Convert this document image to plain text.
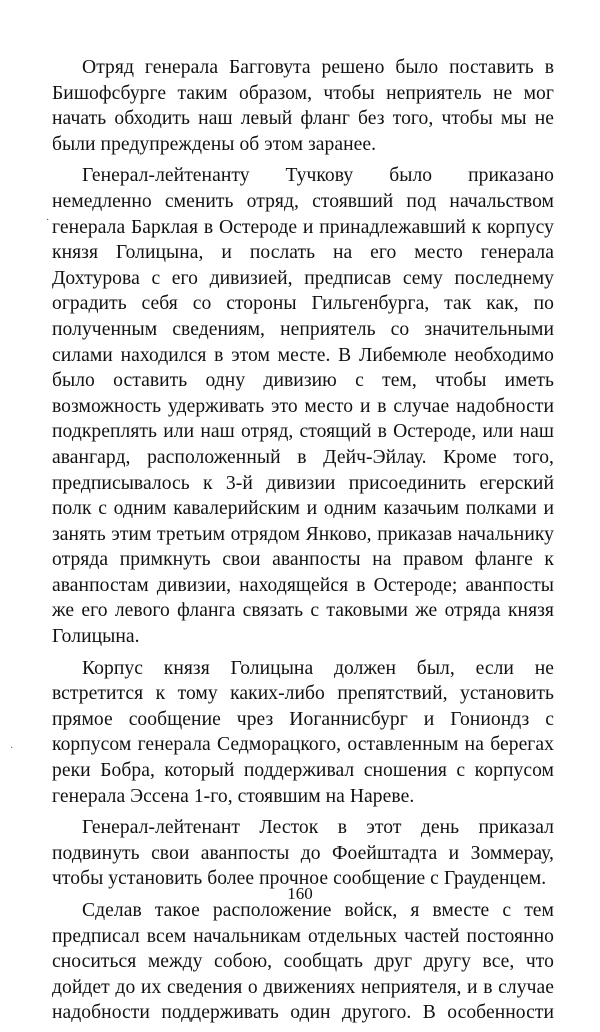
Отряд генерала Багговута решено было поставить в Бишофсбурге таким образом, чтобы неприятель не мог начать обходить наш левый фланг без того, чтобы мы не были предупреждены об этом заранее.

Генерал-лейтенанту Тучкову было приказано немедленно сменить отряд, стоявший под начальством генерала Барклая в Остероде и принадлежавший к корпусу князя Голицына, и послать на его место генерала Дохтурова с его дивизией, предписав сему последнему оградить себя со стороны Гильгенбурга, так как, по полученным сведениям, неприятель со значительными силами находился в этом месте. В Либемюле необходимо было оставить одну дивизию с тем, чтобы иметь возможность удерживать это место и в случае надобности подкреплять или наш отряд, стоящий в Остероде, или наш авангард, расположенный в Дейч-Эйлау. Кроме того, предписывалось к 3-й дивизии присоединить егерский полк с одним кавалерийским и одним казачьим полками и занять этим третьим отрядом Янково, приказав начальнику отряда примкнуть свои аванпосты на правом фланге к аванпостам дивизии, находящейся в Остероде; аванпосты же его левого фланга связать с таковыми же отряда князя Голицына.

Корпус князя Голицына должен был, если не встретится к тому каких-либо препятствий, установить прямое сообщение чрез Иоганнисбург и Гониондз с корпусом генерала Седморацкого, оставленным на берегах реки Бобра, который поддерживал сношения с корпусом генерала Эссена 1-го, стоявшим на Нареве.

Генерал-лейтенант Лесток в этот день приказал подвинуть свои аванпосты до Фоейштадта и Зоммерау, чтобы установить более прочное сообщение с Грауденцем.

Сделав такое расположение войск, я вместе с тем предписал всем начальникам отдельных частей постоянно сноситься между собою, сообщать друг другу все, что дойдет до их сведения о движениях неприятеля, и в случае надобности поддерживать один другого. В особенности

160
·
·
